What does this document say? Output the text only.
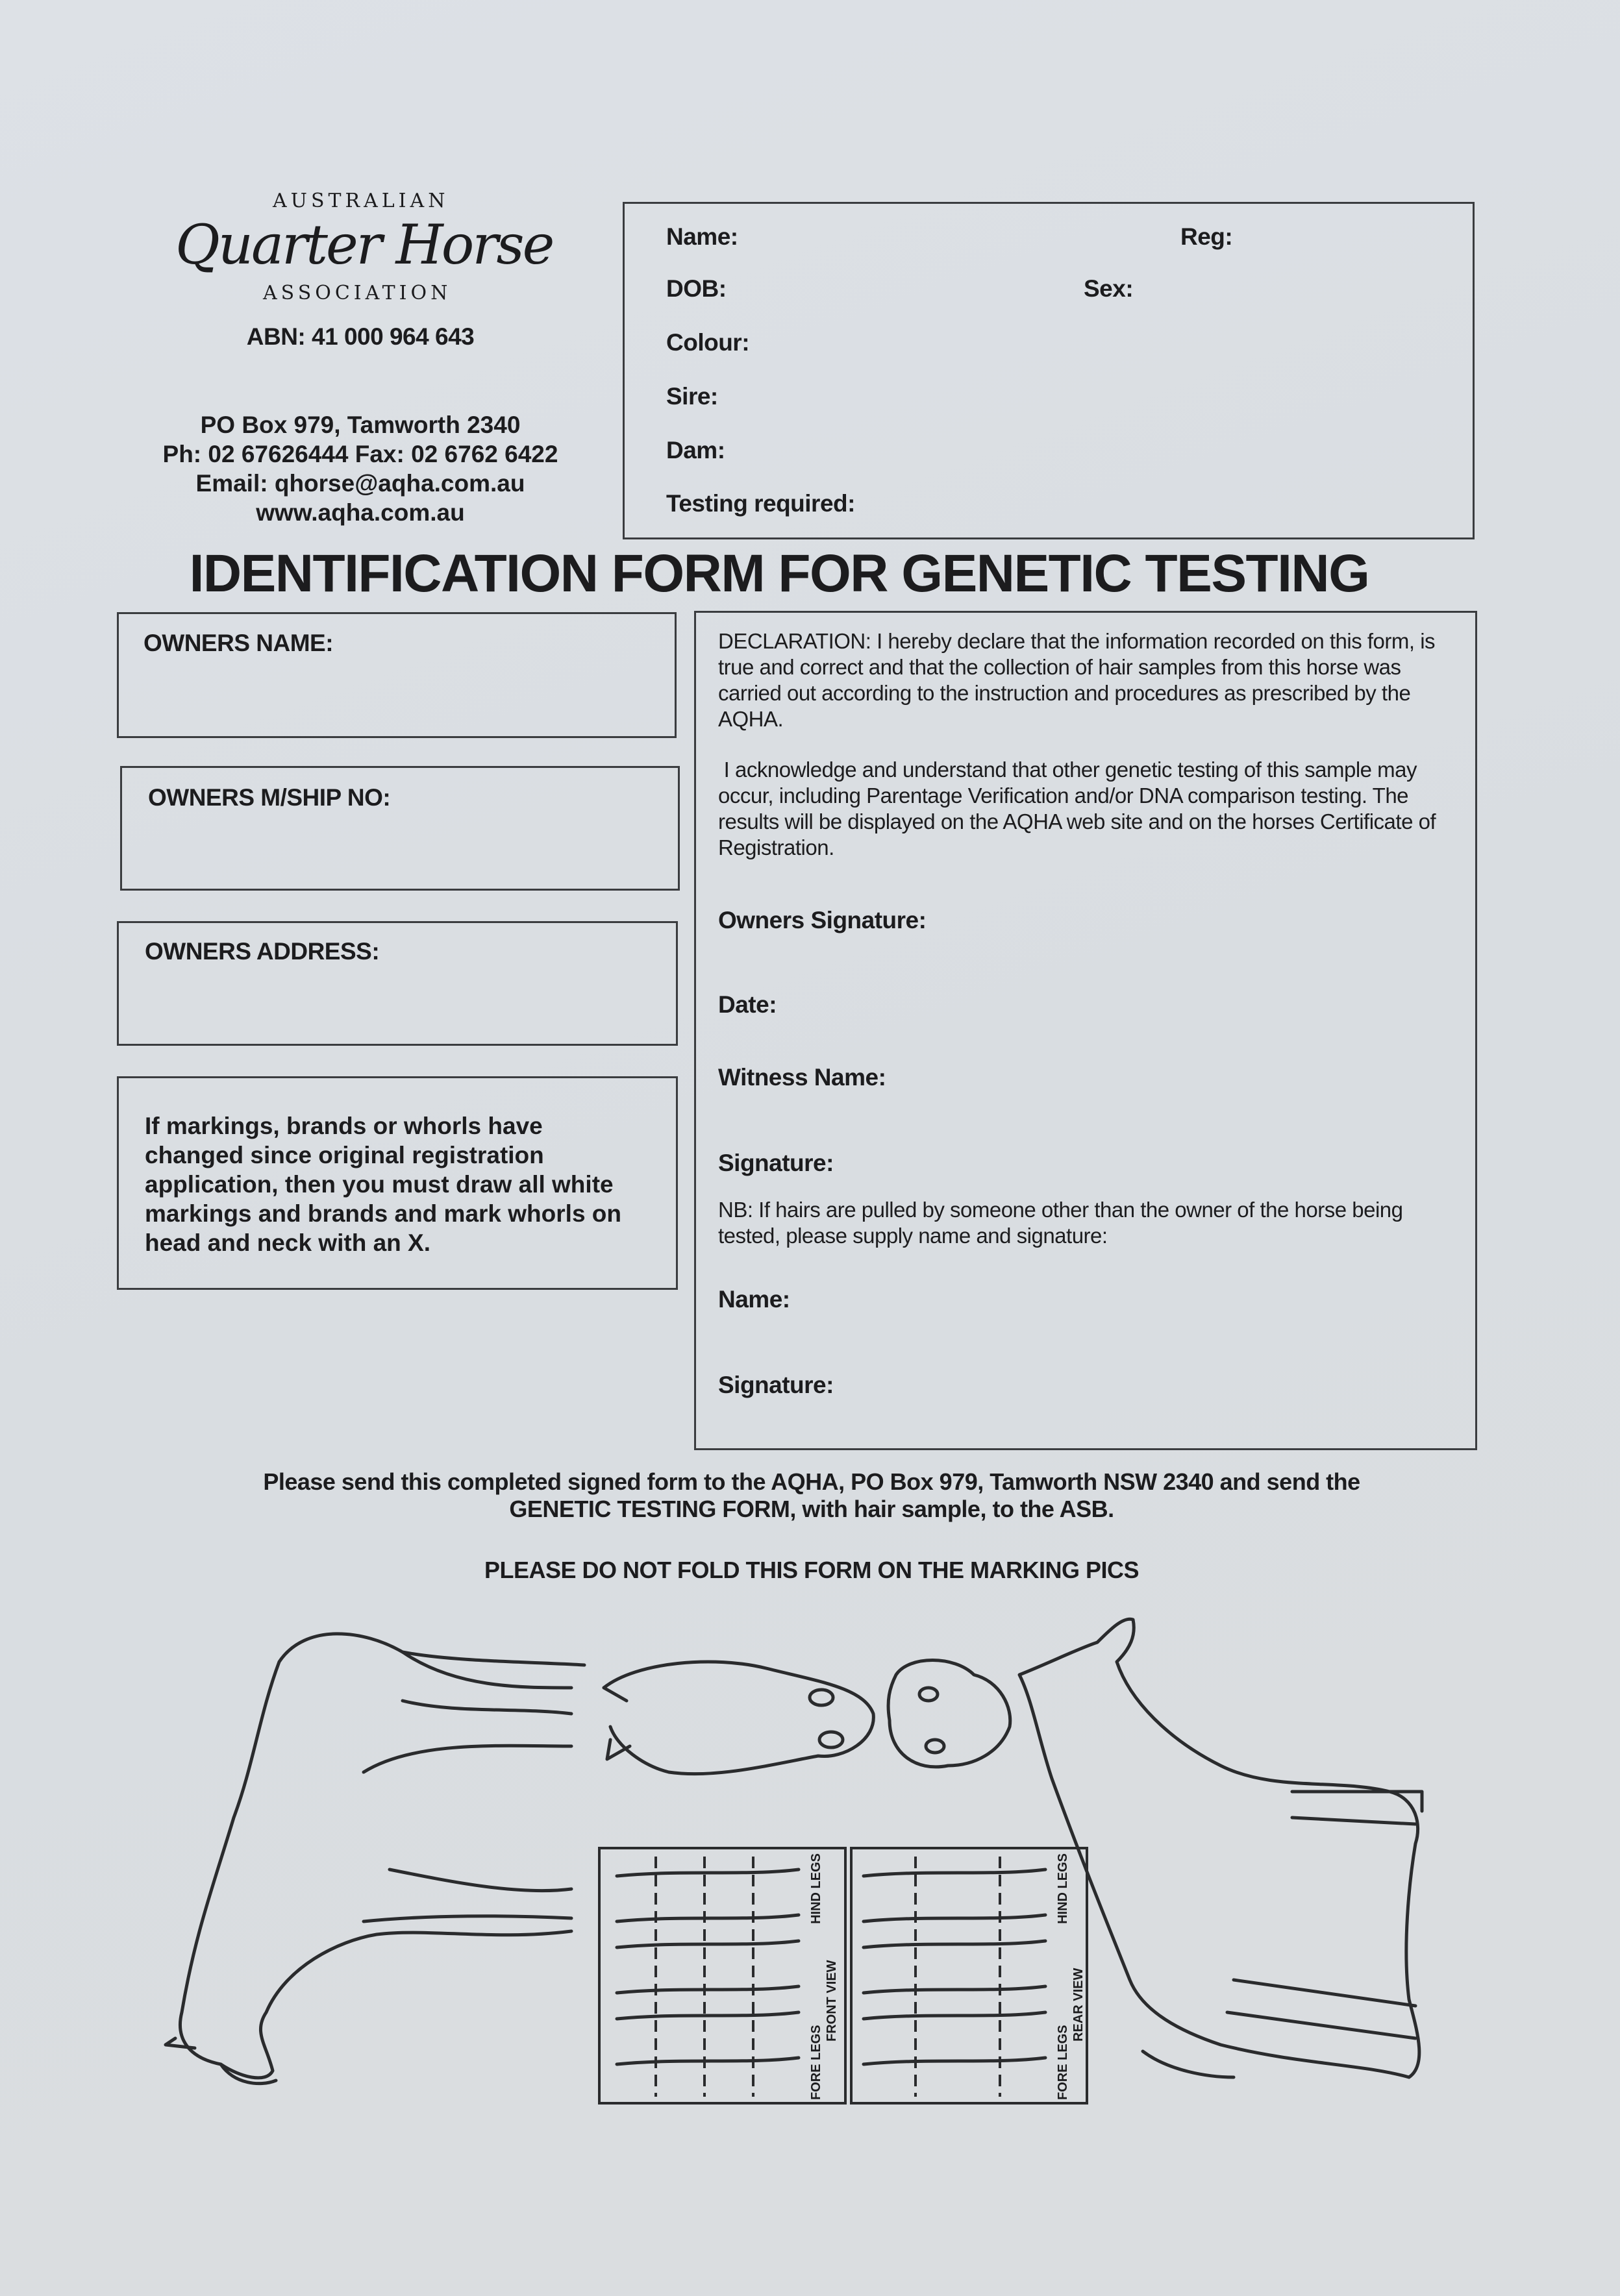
AUSTRALIAN
Quarter Horse
ASSOCIATION
ABN: 41 000 964 643
PO Box 979, Tamworth 2340
Ph: 02 67626444 Fax: 02 6762 6422
Email: qhorse@aqha.com.au
www.aqha.com.au
Name:	Reg:
DOB:	Sex:
Colour:
Sire:
Dam:
Testing required:
IDENTIFICATION FORM FOR GENETIC TESTING
OWNERS NAME:
OWNERS M/SHIP NO:
OWNERS ADDRESS:
If markings, brands or whorls have changed since original registration application, then you must draw all white markings and brands and mark whorls on head and neck with an X.
DECLARATION: I hereby declare that the information recorded on this form, is true and correct and that the collection of hair samples from this horse was carried out according to the instruction and procedures as prescribed by the AQHA.
I acknowledge and understand that other genetic testing of this sample may occur, including Parentage Verification and/or DNA comparison testing. The results will be displayed on the AQHA web site and on the horses Certificate of Registration.
Owners Signature:
Date:
Witness Name:
Signature:
NB: If hairs are pulled by someone other than the owner of the horse being tested, please supply name and signature:
Name:
Signature:
Please send this completed signed form to the AQHA, PO Box 979, Tamworth NSW 2340 and send the
GENETIC TESTING FORM, with hair sample, to the ASB.
PLEASE DO NOT FOLD THIS FORM ON THE MARKING PICS
FORE LEGS
HIND LEGS
FRONT VIEW
FORE LEGS
HIND LEGS
REAR VIEW
